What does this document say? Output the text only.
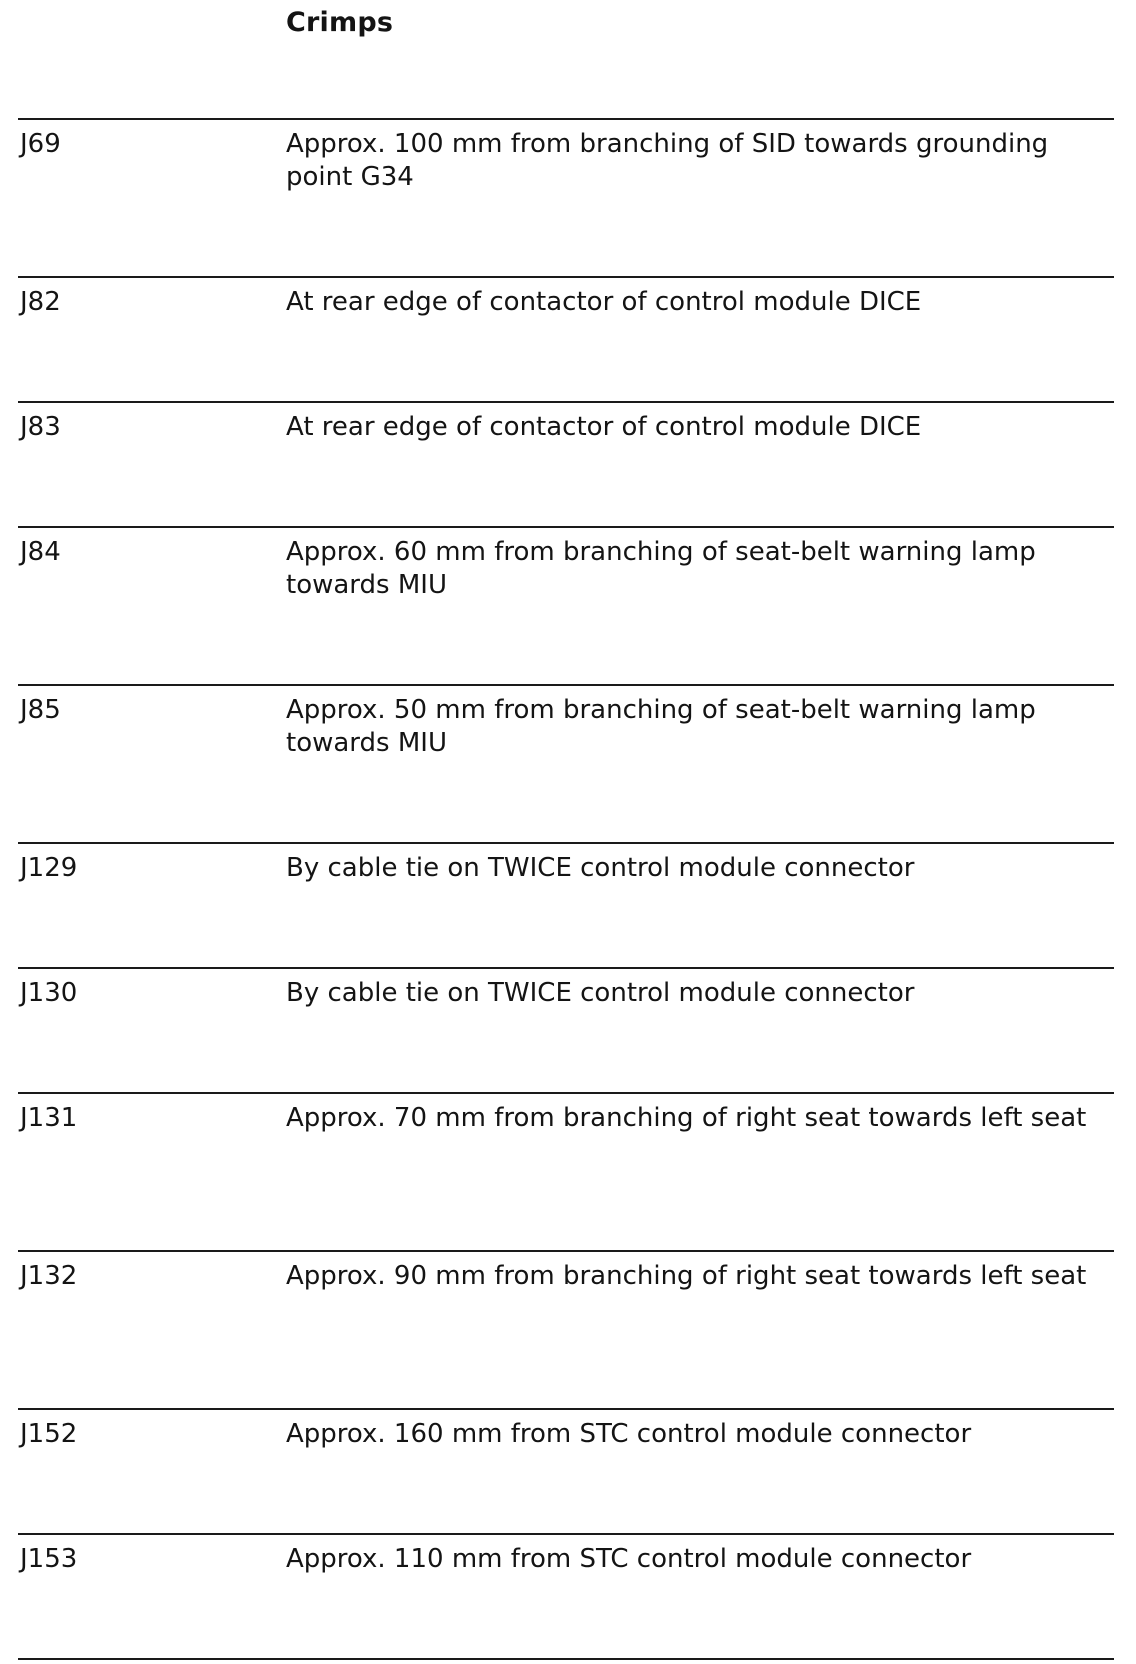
Crimps
J69	Approx. 100 mm from branching of SID towards grounding point G34
J82	At rear edge of contactor of control module DICE
J83	At rear edge of contactor of control module DICE
J84	Approx. 60 mm from branching of seat-belt warning lamp towards MIU
J85	Approx. 50 mm from branching of seat-belt warning lamp towards MIU
J129	By cable tie on TWICE control module connector
J130	By cable tie on TWICE control module connector
J131	Approx. 70 mm from branching of right seat towards left seat
J132	Approx. 90 mm from branching of right seat towards left seat
J152	Approx. 160 mm from STC control module connector
J153	Approx. 110 mm from STC control module connector
